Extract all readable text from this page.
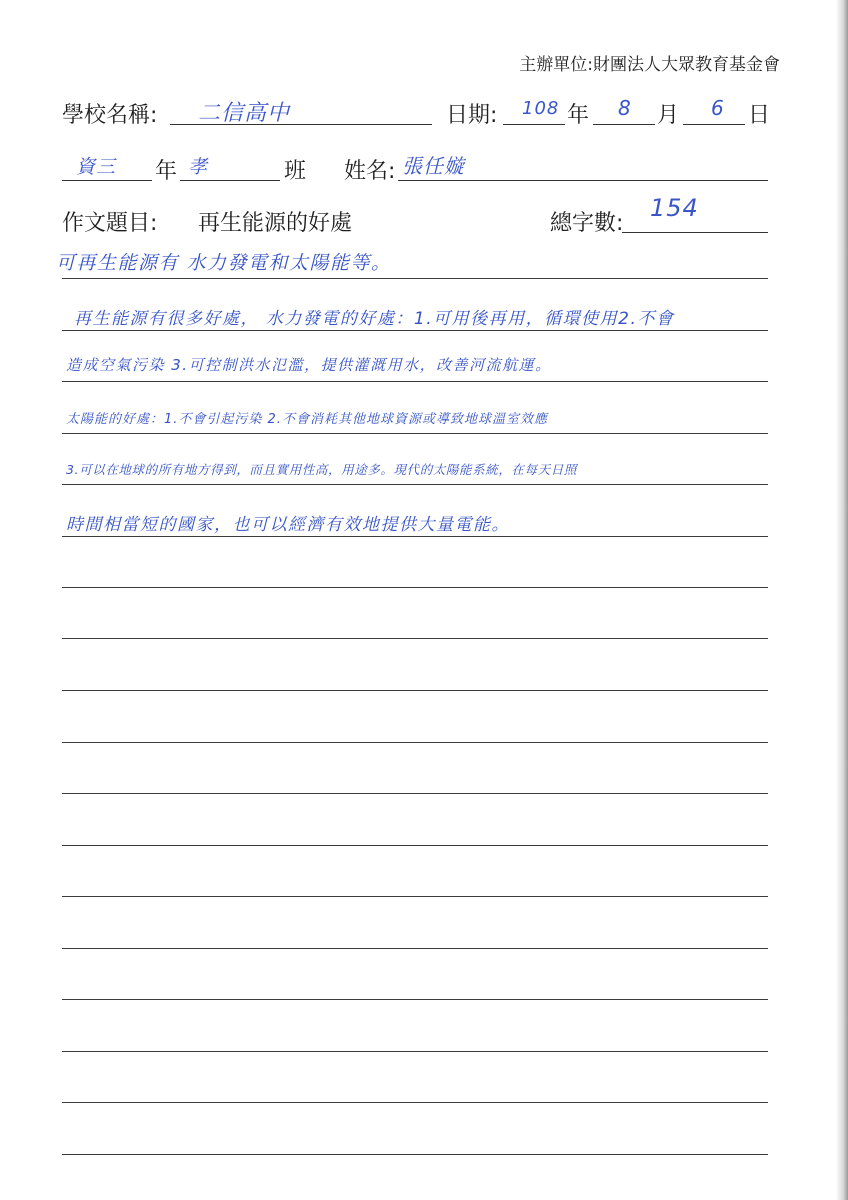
主辦單位:財團法人大眾教育基金會
學校名稱: 二信高中	日期: 108 年 8 月 6 日
資三 年 孝	班 姓名: 張任嫙
作文題目: 再生能源的好處	總字數:
154
可再生能源有 水力發電和太陽能等。
再生能源有很多好處， 水力發電的好處：1.可用後再用，循環使用2.不會
造成空氣污染 3.可控制洪水氾濫，提供灌溉用水，改善河流航運。
太陽能的好處：1.不會引起污染 2.不會消耗其他地球資源或導致地球溫室效應
3.可以在地球的所有地方得到，而且實用性高，用途多。現代的太陽能系統，在每天日照
時間相當短的國家，也可以經濟有效地提供大量電能。
